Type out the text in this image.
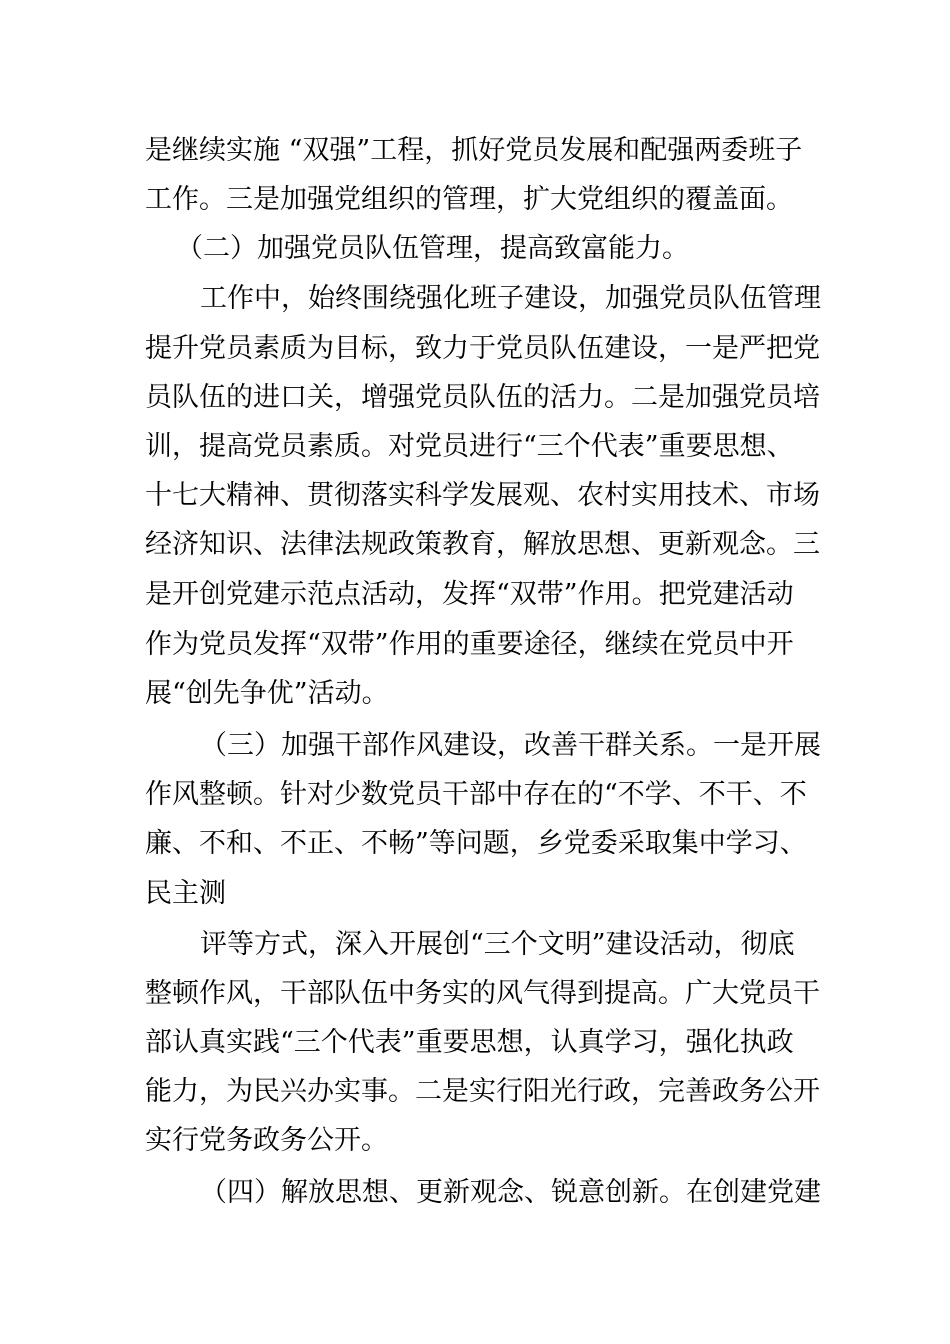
是继续实施 “双强”工程，抓好党员发展和配强两委班子
工作。三是加强党组织的管理，扩大党组织的覆盖面。
（二）加强党员队伍管理，提高致富能力。
工作中，始终围绕强化班子建设，加强党员队伍管理
提升党员素质为目标，致力于党员队伍建设，一是严把党
员队伍的进口关，增强党员队伍的活力。二是加强党员培
训，提高党员素质。对党员进行“三个代表”重要思想、
十七大精神、贯彻落实科学发展观、农村实用技术、市场
经济知识、法律法规政策教育，解放思想、更新观念。三
是开创党建示范点活动，发挥“双带”作用。把党建活动
作为党员发挥“双带”作用的重要途径，继续在党员中开
展“创先争优”活动。
（三）加强干部作风建设，改善干群关系。一是开展
作风整顿。针对少数党员干部中存在的“不学、不干、不
廉、不和、不正、不畅”等问题，乡党委采取集中学习、
民主测
评等方式，深入开展创“三个文明”建设活动，彻底
整顿作风，干部队伍中务实的风气得到提高。广大党员干
部认真实践“三个代表”重要思想，认真学习，强化执政
能力，为民兴办实事。二是实行阳光行政，完善政务公开
实行党务政务公开。
（四）解放思想、更新观念、锐意创新。在创建党建
